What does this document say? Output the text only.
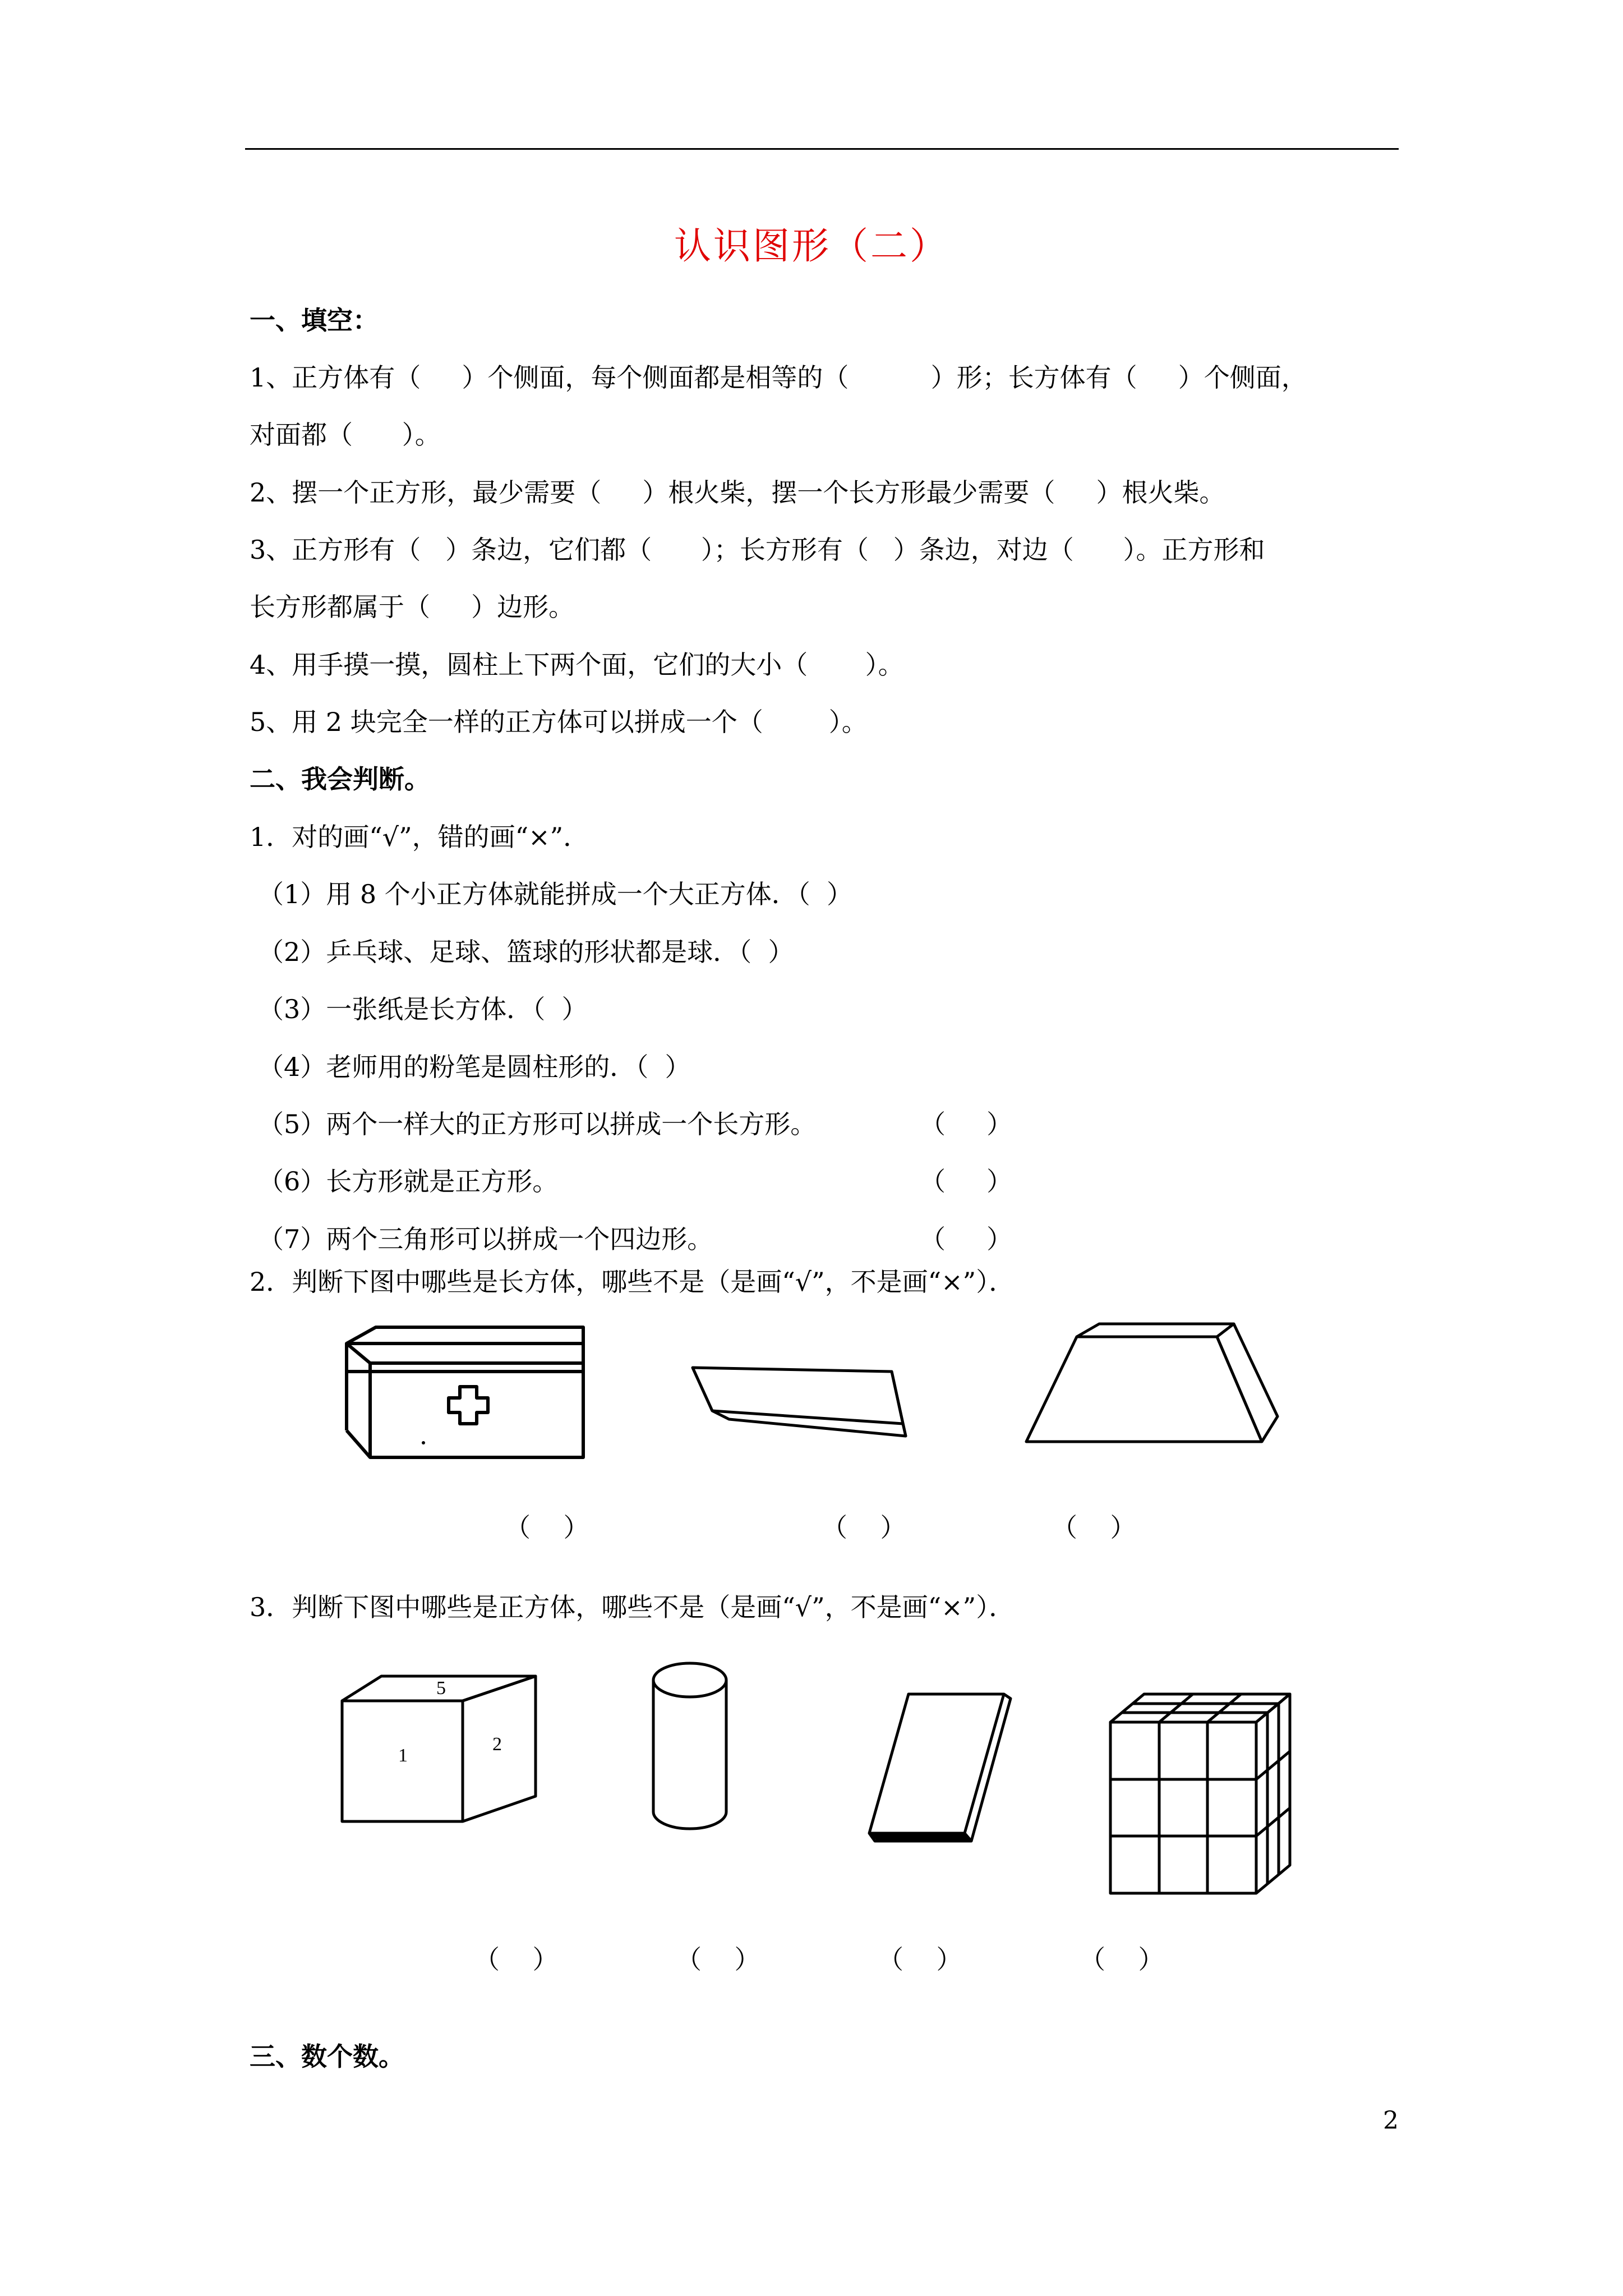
认识图形（二）
一、填空：
1、正方体有（     ）个侧面，每个侧面都是相等的（          ）形；长方体有（     ）个侧面，
对面都（      ）。
2、摆一个正方形，最少需要（     ）根火柴，摆一个长方形最少需要（     ）根火柴。
3、正方形有（   ）条边，它们都（      ）；长方形有（   ）条边，对边（      ）。正方形和
长方形都属于（     ）边形。
4、用手摸一摸，圆柱上下两个面，它们的大小（       ）。
5、用 2 块完全一样的正方体可以拼成一个（        ）。
二、我会判断。
1．对的画“√”，错的画“×”．
（1）用 8 个小正方体就能拼成一个大正方体．（  ）
（2）乒乓球、足球、篮球的形状都是球．（  ）
（3）一张纸是长方体．（  ）
（4）老师用的粉笔是圆柱形的．（  ）
（5）两个一样大的正方形可以拼成一个长方形。	（     ）
（6）长方形就是正方形。	（     ）
（7）两个三角形可以拼成一个四边形。	（     ）
2．判断下图中哪些是长方体，哪些不是（是画“√”，不是画“×”）．
（    ）	（    ）	（    ）
3．判断下图中哪些是正方体，哪些不是（是画“√”，不是画“×”）．
5
1
2
（    ）	（    ）	（    ）	（    ）
三、数个数。
2
